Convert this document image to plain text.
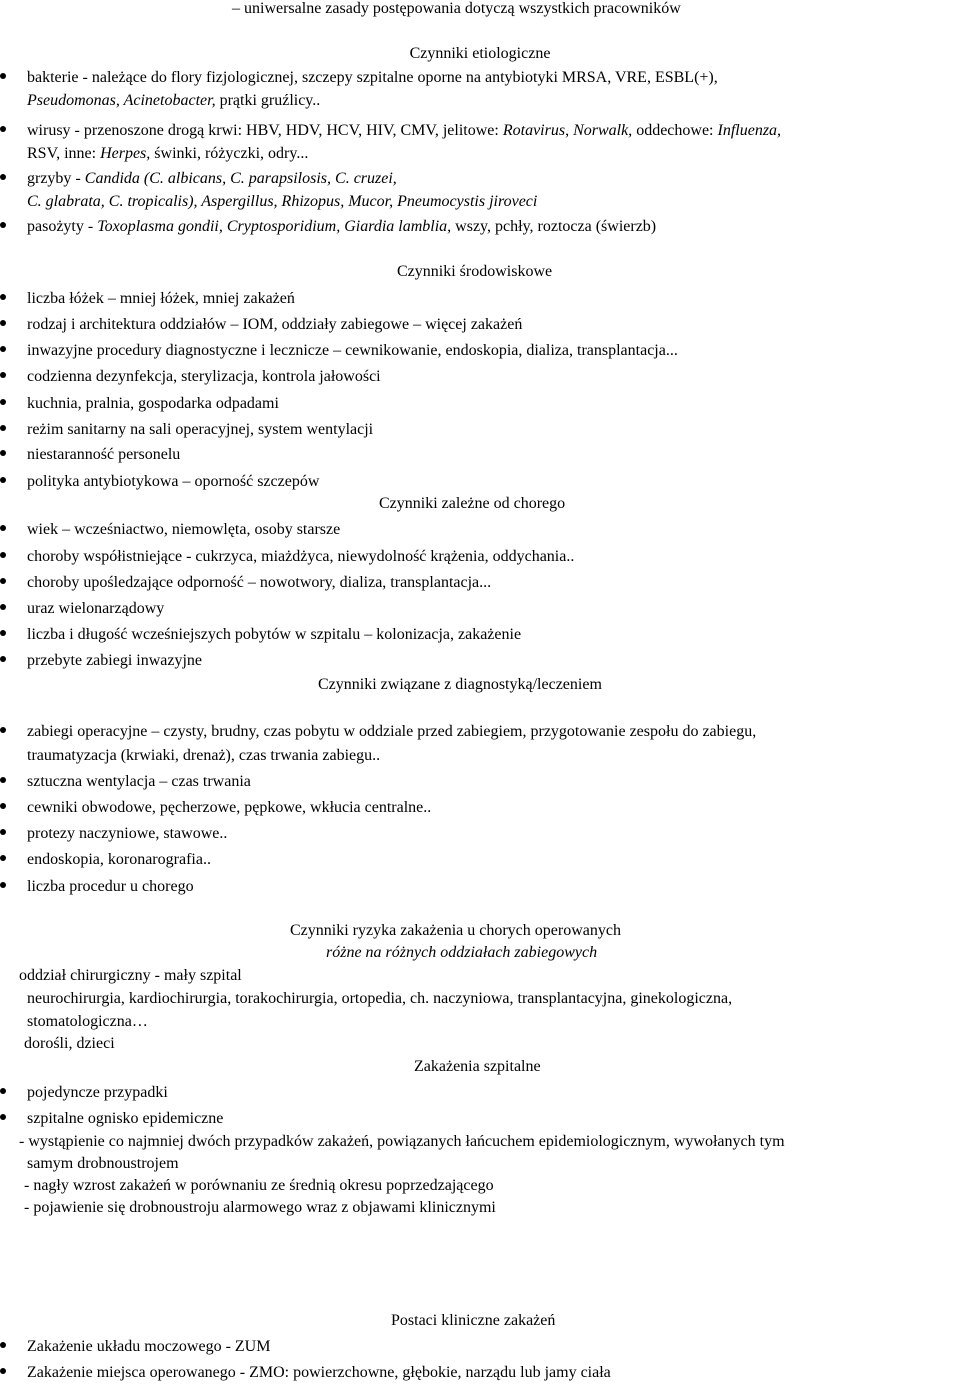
– uniwersalne zasady postępowania dotyczą wszystkich pracowników
Czynniki etiologiczne
bakterie - należące do flory fizjologicznej, szczepy szpitalne oporne na antybiotyki MRSA, VRE, ESBL(+),
Pseudomonas, Acinetobacter, prątki gruźlicy..
wirusy - przenoszone drogą krwi: HBV, HDV, HCV, HIV, CMV, jelitowe: Rotavirus, Norwalk, oddechowe: Influenza,
RSV, inne: Herpes, świnki, różyczki, odry...
grzyby - Candida (C. albicans, C. parapsilosis, C. cruzei,
C. glabrata, C. tropicalis), Aspergillus, Rhizopus, Mucor, Pneumocystis jiroveci
pasożyty - Toxoplasma gondii, Cryptosporidium, Giardia lamblia, wszy, pchły, roztocza (świerzb)
Czynniki środowiskowe
liczba łóżek – mniej łóżek, mniej zakażeń
rodzaj i architektura oddziałów – IOM, oddziały zabiegowe – więcej zakażeń
inwazyjne procedury diagnostyczne i lecznicze – cewnikowanie, endoskopia, dializa, transplantacja...
codzienna dezynfekcja, sterylizacja, kontrola jałowości
kuchnia, pralnia, gospodarka odpadami
reżim sanitarny na sali operacyjnej, system wentylacji
niestaranność personelu
polityka antybiotykowa – oporność szczepów
Czynniki zależne od chorego
wiek – wcześniactwo, niemowlęta, osoby starsze
choroby współistniejące - cukrzyca, miażdżyca, niewydolność krążenia, oddychania..
choroby upośledzające odporność – nowotwory, dializa, transplantacja...
uraz wielonarządowy
liczba i długość wcześniejszych pobytów w szpitalu – kolonizacja, zakażenie
przebyte zabiegi inwazyjne
Czynniki związane z diagnostyką/leczeniem
zabiegi operacyjne – czysty, brudny, czas pobytu w oddziale przed zabiegiem, przygotowanie zespołu do zabiegu,
traumatyzacja (krwiaki, drenaż), czas trwania zabiegu..
sztuczna wentylacja – czas trwania
cewniki obwodowe, pęcherzowe, pępkowe, wkłucia centralne..
protezy naczyniowe, stawowe..
endoskopia, koronarografia..
liczba procedur u chorego
Czynniki ryzyka zakażenia u chorych operowanych
różne na różnych oddziałach zabiegowych
oddział chirurgiczny - mały szpital
neurochirurgia, kardiochirurgia, torakochirurgia, ortopedia, ch. naczyniowa, transplantacyjna, ginekologiczna,
stomatologiczna…
dorośli, dzieci
Zakażenia szpitalne
pojedyncze przypadki
szpitalne ognisko epidemiczne
- wystąpienie co najmniej dwóch przypadków zakażeń, powiązanych łańcuchem epidemiologicznym, wywołanych tym
samym drobnoustrojem
- nagły wzrost zakażeń w porównaniu ze średnią okresu poprzedzającego
- pojawienie się drobnoustroju alarmowego wraz z objawami klinicznymi
Postaci kliniczne zakażeń
Zakażenie układu moczowego - ZUM
Zakażenie miejsca operowanego - ZMO: powierzchowne, głębokie, narządu lub jamy ciała
